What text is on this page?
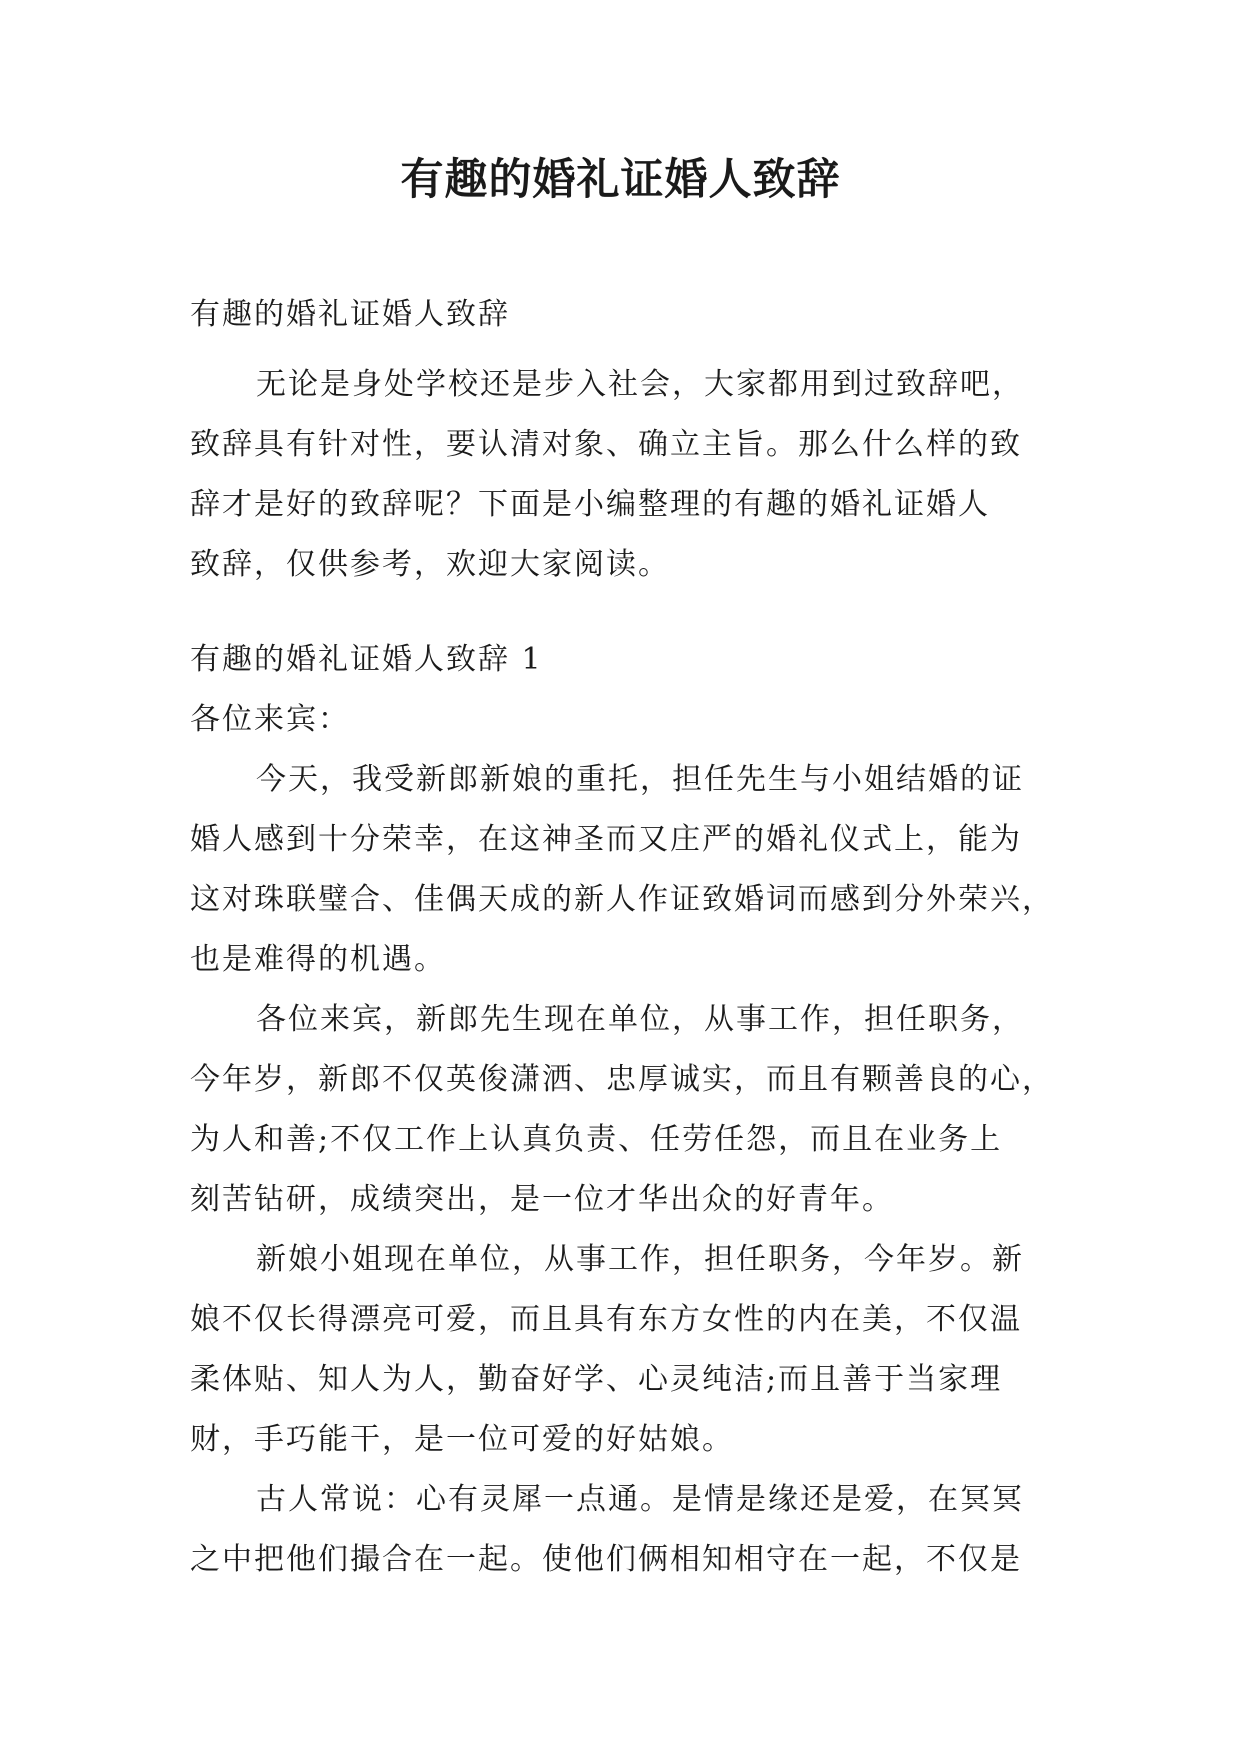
有趣的婚礼证婚人致辞

有趣的婚礼证婚人致辞

无论是身处学校还是步入社会，大家都用到过致辞吧，

致辞具有针对性，要认清对象、确立主旨。那么什么样的致

辞才是好的致辞呢？下面是小编整理的有趣的婚礼证婚人

致辞，仅供参考，欢迎大家阅读。

有趣的婚礼证婚人致辞 1

各位来宾：

今天，我受新郎新娘的重托，担任先生与小姐结婚的证

婚人感到十分荣幸，在这神圣而又庄严的婚礼仪式上，能为

这对珠联璧合、佳偶天成的新人作证致婚词而感到分外荣兴，

也是难得的机遇。

各位来宾，新郎先生现在单位，从事工作，担任职务，

今年岁，新郎不仅英俊潇洒、忠厚诚实，而且有颗善良的心，

为人和善;不仅工作上认真负责、任劳任怨，而且在业务上

刻苦钻研，成绩突出，是一位才华出众的好青年。

新娘小姐现在单位，从事工作，担任职务，今年岁。新

娘不仅长得漂亮可爱，而且具有东方女性的内在美，不仅温

柔体贴、知人为人，勤奋好学、心灵纯洁;而且善于当家理

财，手巧能干，是一位可爱的好姑娘。

古人常说：心有灵犀一点通。是情是缘还是爱，在冥冥

之中把他们撮合在一起。使他们俩相知相守在一起，不仅是
